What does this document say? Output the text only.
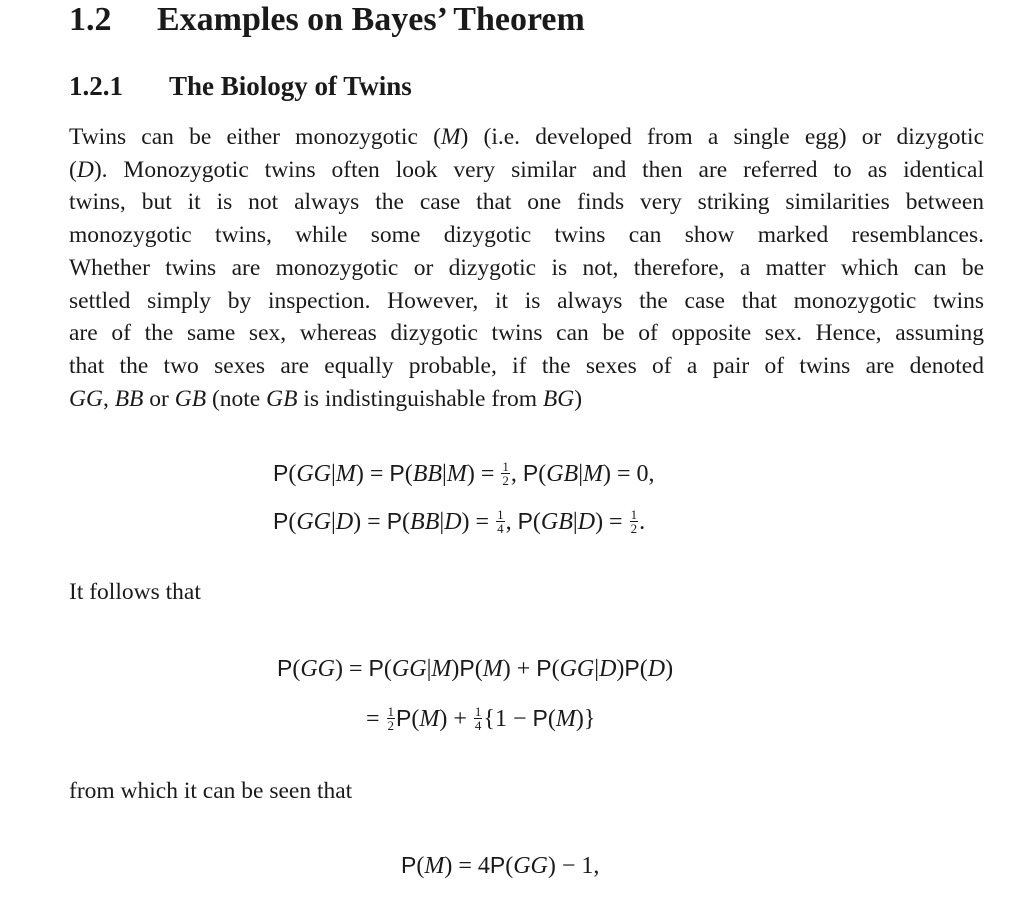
1.2 Examples on Bayes’ Theorem
1.2.1 The Biology of Twins
Twins can be either monozygotic (M) (i.e. developed from a single egg) or dizygotic
(D). Monozygotic twins often look very similar and then are referred to as identical
twins, but it is not always the case that one finds very striking similarities between
monozygotic twins, while some dizygotic twins can show marked resemblances.
Whether twins are monozygotic or dizygotic is not, therefore, a matter which can be
settled simply by inspection. However, it is always the case that monozygotic twins
are of the same sex, whereas dizygotic twins can be of opposite sex. Hence, assuming
that the two sexes are equally probable, if the sexes of a pair of twins are denoted
GG, BB or GB (note GB is indistinguishable from BG)
$P(GG|M) = P(BB|M) = \frac{1}{2}$ , P(GB|M) = 0,
$P(GG|D) = P(BB|D) = \frac{1}{4}$ , $P(GB|D) = \frac{1}{2}$ .

It follows that

P(GG) = P(GG|M)P(M) + P(GG|D)P(D)
= $\frac{1}{2} P(M) + \frac{1}{4} \{1 - P(M)\}$

from which it can be seen that

P(M) = 4P(GG) − 1,
